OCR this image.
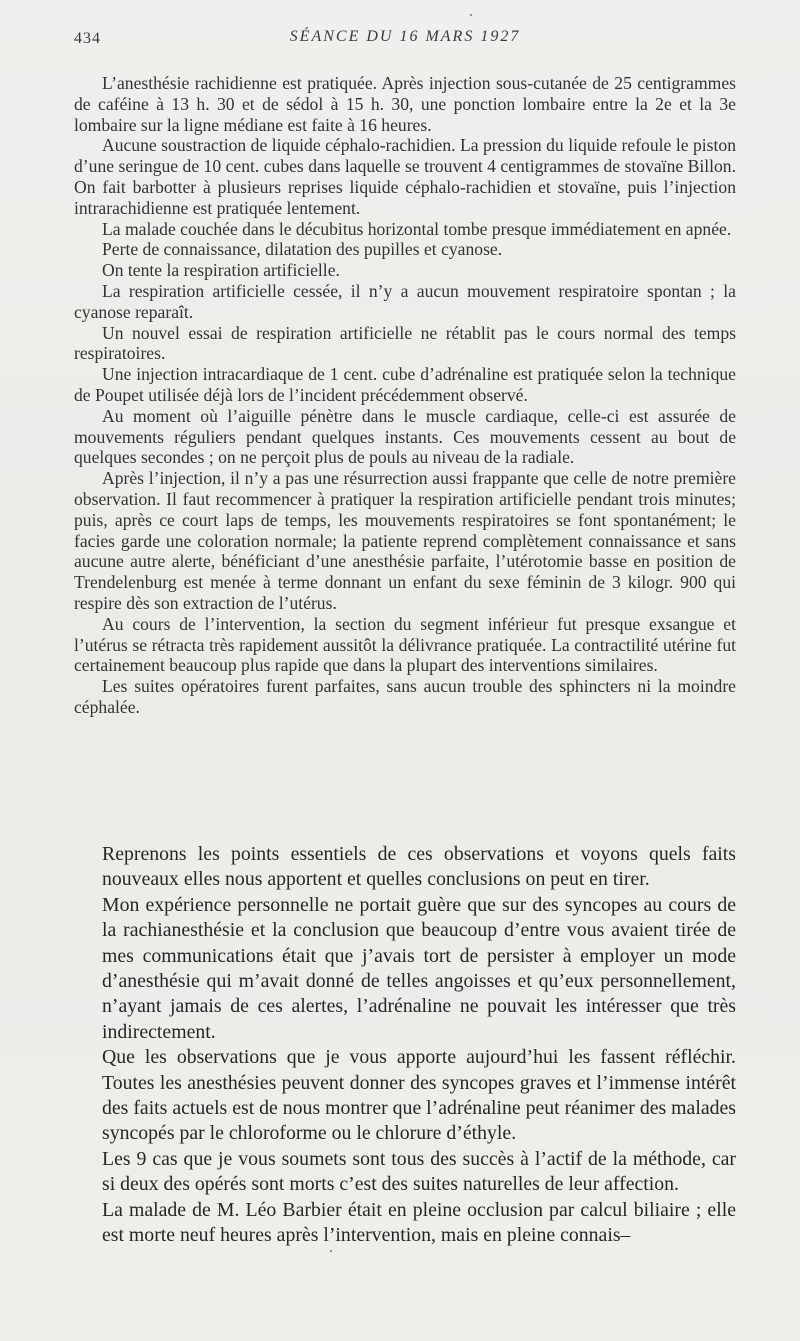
434	SÉANCE DU 16 MARS 1927

L’anesthésie rachidienne est pratiquée. Après injection sous-cutanée de 25 centigrammes de caféine à 13 h. 30 et de sédol à 15 h. 30, une ponction lombaire entre la 2e et la 3e lombaire sur la ligne médiane est faite à 16 heures.

Aucune soustraction de liquide céphalo-rachidien. La pression du liquide refoule le piston d’une seringue de 10 cent. cubes dans laquelle se trouvent 4 centigrammes de stovaïne Billon. On fait barbotter à plusieurs reprises liquide céphalo-rachidien et stovaïne, puis l’injection intrarachidienne est pratiquée lentement.

La malade couchée dans le décubitus horizontal tombe presque immédiatement en apnée.

Perte de connaissance, dilatation des pupilles et cyanose.

On tente la respiration artificielle.

La respiration artificielle cessée, il n’y a aucun mouvement respiratoire spontan ; la cyanose reparaît.

Un nouvel essai de respiration artificielle ne rétablit pas le cours normal des temps respiratoires.

Une injection intracardiaque de 1 cent. cube d’adrénaline est pratiquée selon la technique de Poupet utilisée déjà lors de l’incident précédemment observé.

Au moment où l’aiguille pénètre dans le muscle cardiaque, celle-ci est assurée de mouvements réguliers pendant quelques instants. Ces mouvements cessent au bout de quelques secondes ; on ne perçoit plus de pouls au niveau de la radiale.

Après l’injection, il n’y a pas une résurrection aussi frappante que celle de notre première observation. Il faut recommencer à pratiquer la respiration artificielle pendant trois minutes; puis, après ce court laps de temps, les mouvements respiratoires se font spontanément; le facies garde une coloration normale; la patiente reprend complètement connaissance et sans aucune autre alerte, bénéficiant d’une anesthésie parfaite, l’utérotomie basse en position de Trendelenburg est menée à terme donnant un enfant du sexe féminin de 3 kilogr. 900 qui respire dès son extraction de l’utérus.

Au cours de l’intervention, la section du segment inférieur fut presque exsangue et l’utérus se rétracta très rapidement aussitôt la délivrance pratiquée. La contractilité utérine fut certainement beaucoup plus rapide que dans la plupart des interventions similaires.

Les suites opératoires furent parfaites, sans aucun trouble des sphincters ni la moindre céphalée.

Reprenons les points essentiels de ces observations et voyons quels faits nouveaux elles nous apportent et quelles conclusions on peut en tirer.

Mon expérience personnelle ne portait guère que sur des syncopes au cours de la rachianesthésie et la conclusion que beaucoup d’entre vous avaient tirée de mes communications était que j’avais tort de persister à employer un mode d’anesthésie qui m’avait donné de telles angoisses et qu’eux personnellement, n’ayant jamais de ces alertes, l’adrénaline ne pouvait les intéresser que très indirectement.

Que les observations que je vous apporte aujourd’hui les fassent réfléchir. Toutes les anesthésies peuvent donner des syncopes graves et l’immense intérêt des faits actuels est de nous montrer que l’adrénaline peut réanimer des malades syncopés par le chloroforme ou le chlorure d’éthyle.

Les 9 cas que je vous soumets sont tous des succès à l’actif de la méthode, car si deux des opérés sont morts c’est des suites naturelles de leur affection.

La malade de M. Léo Barbier était en pleine occlusion par calcul biliaire ; elle est morte neuf heures après l’intervention, mais en pleine connais–
